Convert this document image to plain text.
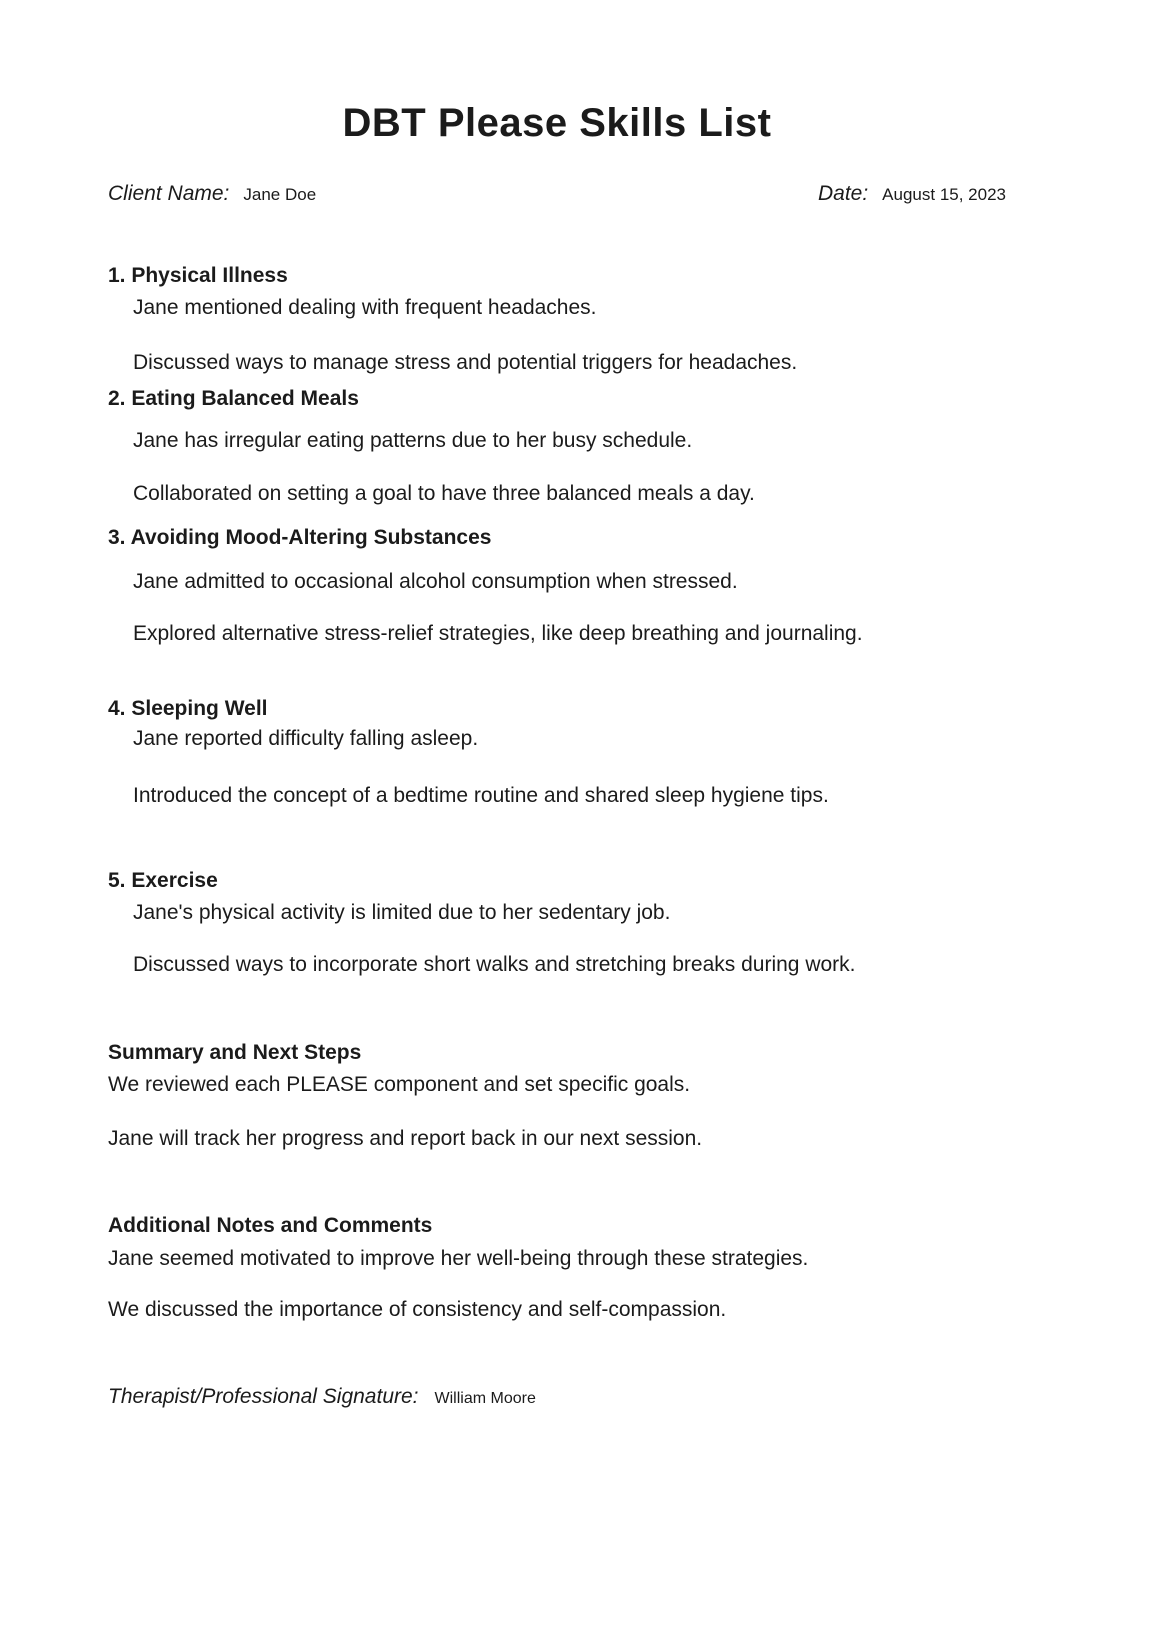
DBT Please Skills List
Client Name: Jane Doe	Date: August 15, 2023
1. Physical Illness

Jane mentioned dealing with frequent headaches.

Discussed ways to manage stress and potential triggers for headaches.

2. Eating Balanced Meals

Jane has irregular eating patterns due to her busy schedule.

Collaborated on setting a goal to have three balanced meals a day.

3. Avoiding Mood-Altering Substances

Jane admitted to occasional alcohol consumption when stressed.

Explored alternative stress-relief strategies, like deep breathing and journaling.

4. Sleeping Well

Jane reported difficulty falling asleep.

Introduced the concept of a bedtime routine and shared sleep hygiene tips.

5. Exercise

Jane's physical activity is limited due to her sedentary job.

Discussed ways to incorporate short walks and stretching breaks during work.

Summary and Next Steps

We reviewed each PLEASE component and set specific goals.

Jane will track her progress and report back in our next session.

Additional Notes and Comments

Jane seemed motivated to improve her well-being through these strategies.

We discussed the importance of consistency and self-compassion.

Therapist/Professional Signature: William Moore
